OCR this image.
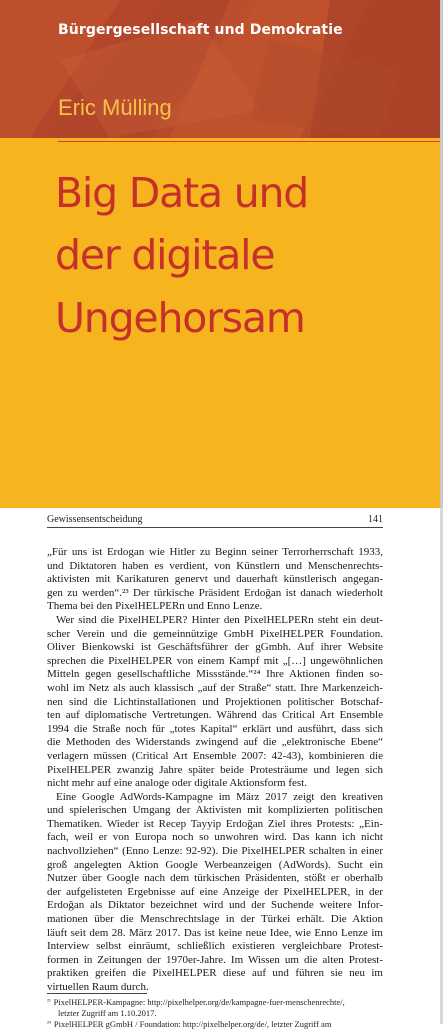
Bürgergesellschaft und Demokratie
Eric Mülling
Big Data und
der digitale
Ungehorsam
Gewissensentscheidung	141
„Für uns ist Erdogan wie Hitler zu Beginn seiner Terrorherrschaft 1933,
und Diktatoren haben es verdient, von Künstlern und Menschenrechts-
aktivisten mit Karikaturen genervt und dauerhaft künstlerisch angegan-
gen zu werden“.²³ Der türkische Präsident Erdoğan ist danach wiederholt
Thema bei den PixelHELPERn und Enno Lenze.
Wer sind die PixelHELPER? Hinter den PixelHELPERn steht ein deut-
scher Verein und die gemeinnützige GmbH PixelHELPER Foundation.
Oliver Bienkowski ist Geschäftsführer der gGmbh. Auf ihrer Website
sprechen die PixelHELPER von einem Kampf mit „[…] ungewöhnlichen
Mitteln gegen gesellschaftliche Missstände.“²⁴ Ihre Aktionen finden so-
wohl im Netz als auch klassisch „auf der Straße“ statt. Ihre Markenzeich-
nen sind die Lichtinstallationen und Projektionen politischer Botschaf-
ten auf diplomatische Vertretungen. Während das Critical Art Ensemble
1994 die Straße noch für „totes Kapital“ erklärt und ausführt, dass sich
die Methoden des Widerstands zwingend auf die „elektronische Ebene“
verlagern müssen (Critical Art Ensemble 2007: 42-43), kombinieren die
PixelHELPER zwanzig Jahre später beide Protesträume und legen sich
nicht mehr auf eine analoge oder digitale Aktionsform fest.
Eine Google AdWords-Kampagne im März 2017 zeigt den kreativen
und spielerischen Umgang der Aktivisten mit komplizierten politischen
Thematiken. Wieder ist Recep Tayyip Erdoğan Ziel ihres Protests: „Ein-
fach, weil er von Europa noch so unwohren wird. Das kann ich nicht
nachvollziehen“ (Enno Lenze: 92-92). Die PixelHELPER schalten in einer
groß angelegten Aktion Google Werbeanzeigen (AdWords). Sucht ein
Nutzer über Google nach dem türkischen Präsidenten, stößt er oberhalb
der aufgelisteten Ergebnisse auf eine Anzeige der PixelHELPER, in der
Erdoğan als Diktator bezeichnet wird und der Suchende weitere Infor-
mationen über die Menschrechtslage in der Türkei erhält. Die Aktion
läuft seit dem 28. März 2017. Das ist keine neue Idee, wie Enno Lenze im
Interview selbst einräumt, schließlich existieren vergleichbare Protest-
formen in Zeitungen der 1970er-Jahre. Im Wissen um die alten Protest-
praktiken greifen die PixelHELPER diese auf und führen sie neu im
virtuellen Raum durch.
$^{^{23}}$ PixelHELPER-Kampagne: http://pixelhelper.org/de/kampagne-fuer-menschenrechte/,
letzter Zugriff am 1.10.2017.
$^{^{24}}$ PixelHELPER gGmbH / Foundation: http://pixelhelper.org/de/, letzter Zugriff am
